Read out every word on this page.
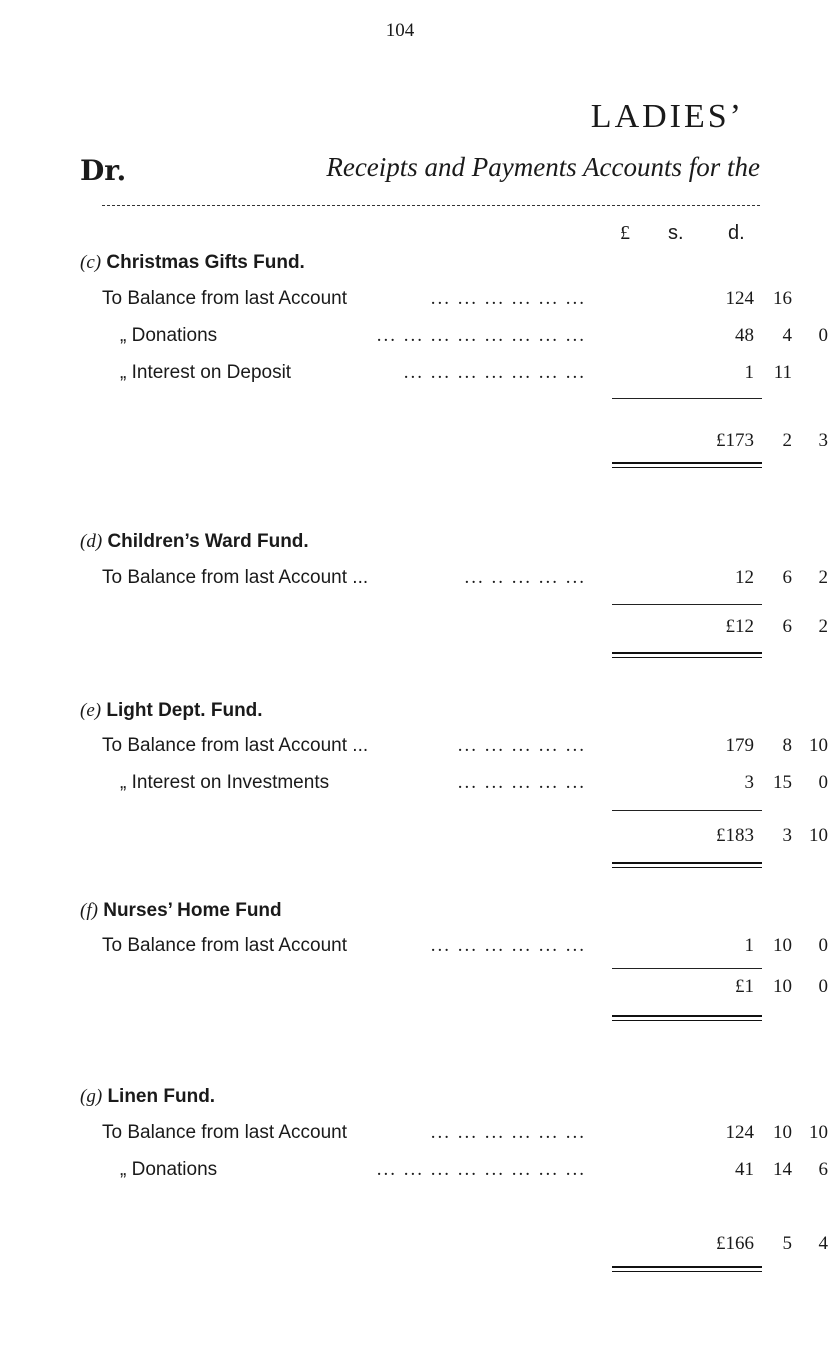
104
LADIES’
Dr.	Receipts and Payments Accounts for the
£ s. d.
(c) Christmas Gifts Fund.
To Balance from last Account	... ... ... ... ... ...	124	16
„ Donations	... ... ... ... ... ... ... ...	48	4	0
„ Interest on Deposit	... ... ... ... ... ... ...	1	11
£173	2	3
(d) Children’s Ward Fund.
To Balance from last Account ...	... .. ... ... ...	12	6	2
£12	6	2
(e) Light Dept. Fund.
To Balance from last Account ...	... ... ... ... ...	179	8 10
„ Interest on Investments	... ... ... ... ...	3	15	0
£183	3 10
(f) Nurses’ Home Fund
To Balance from last Account	... ... ... ... ... ...	1	10	0
£1	10	0
(g) Linen Fund.
To Balance from last Account	... ... ... ... ... ...	124	10 10
„ Donations	... ... ... ... ... ... ... ...	41	14	6
£166	5	4
